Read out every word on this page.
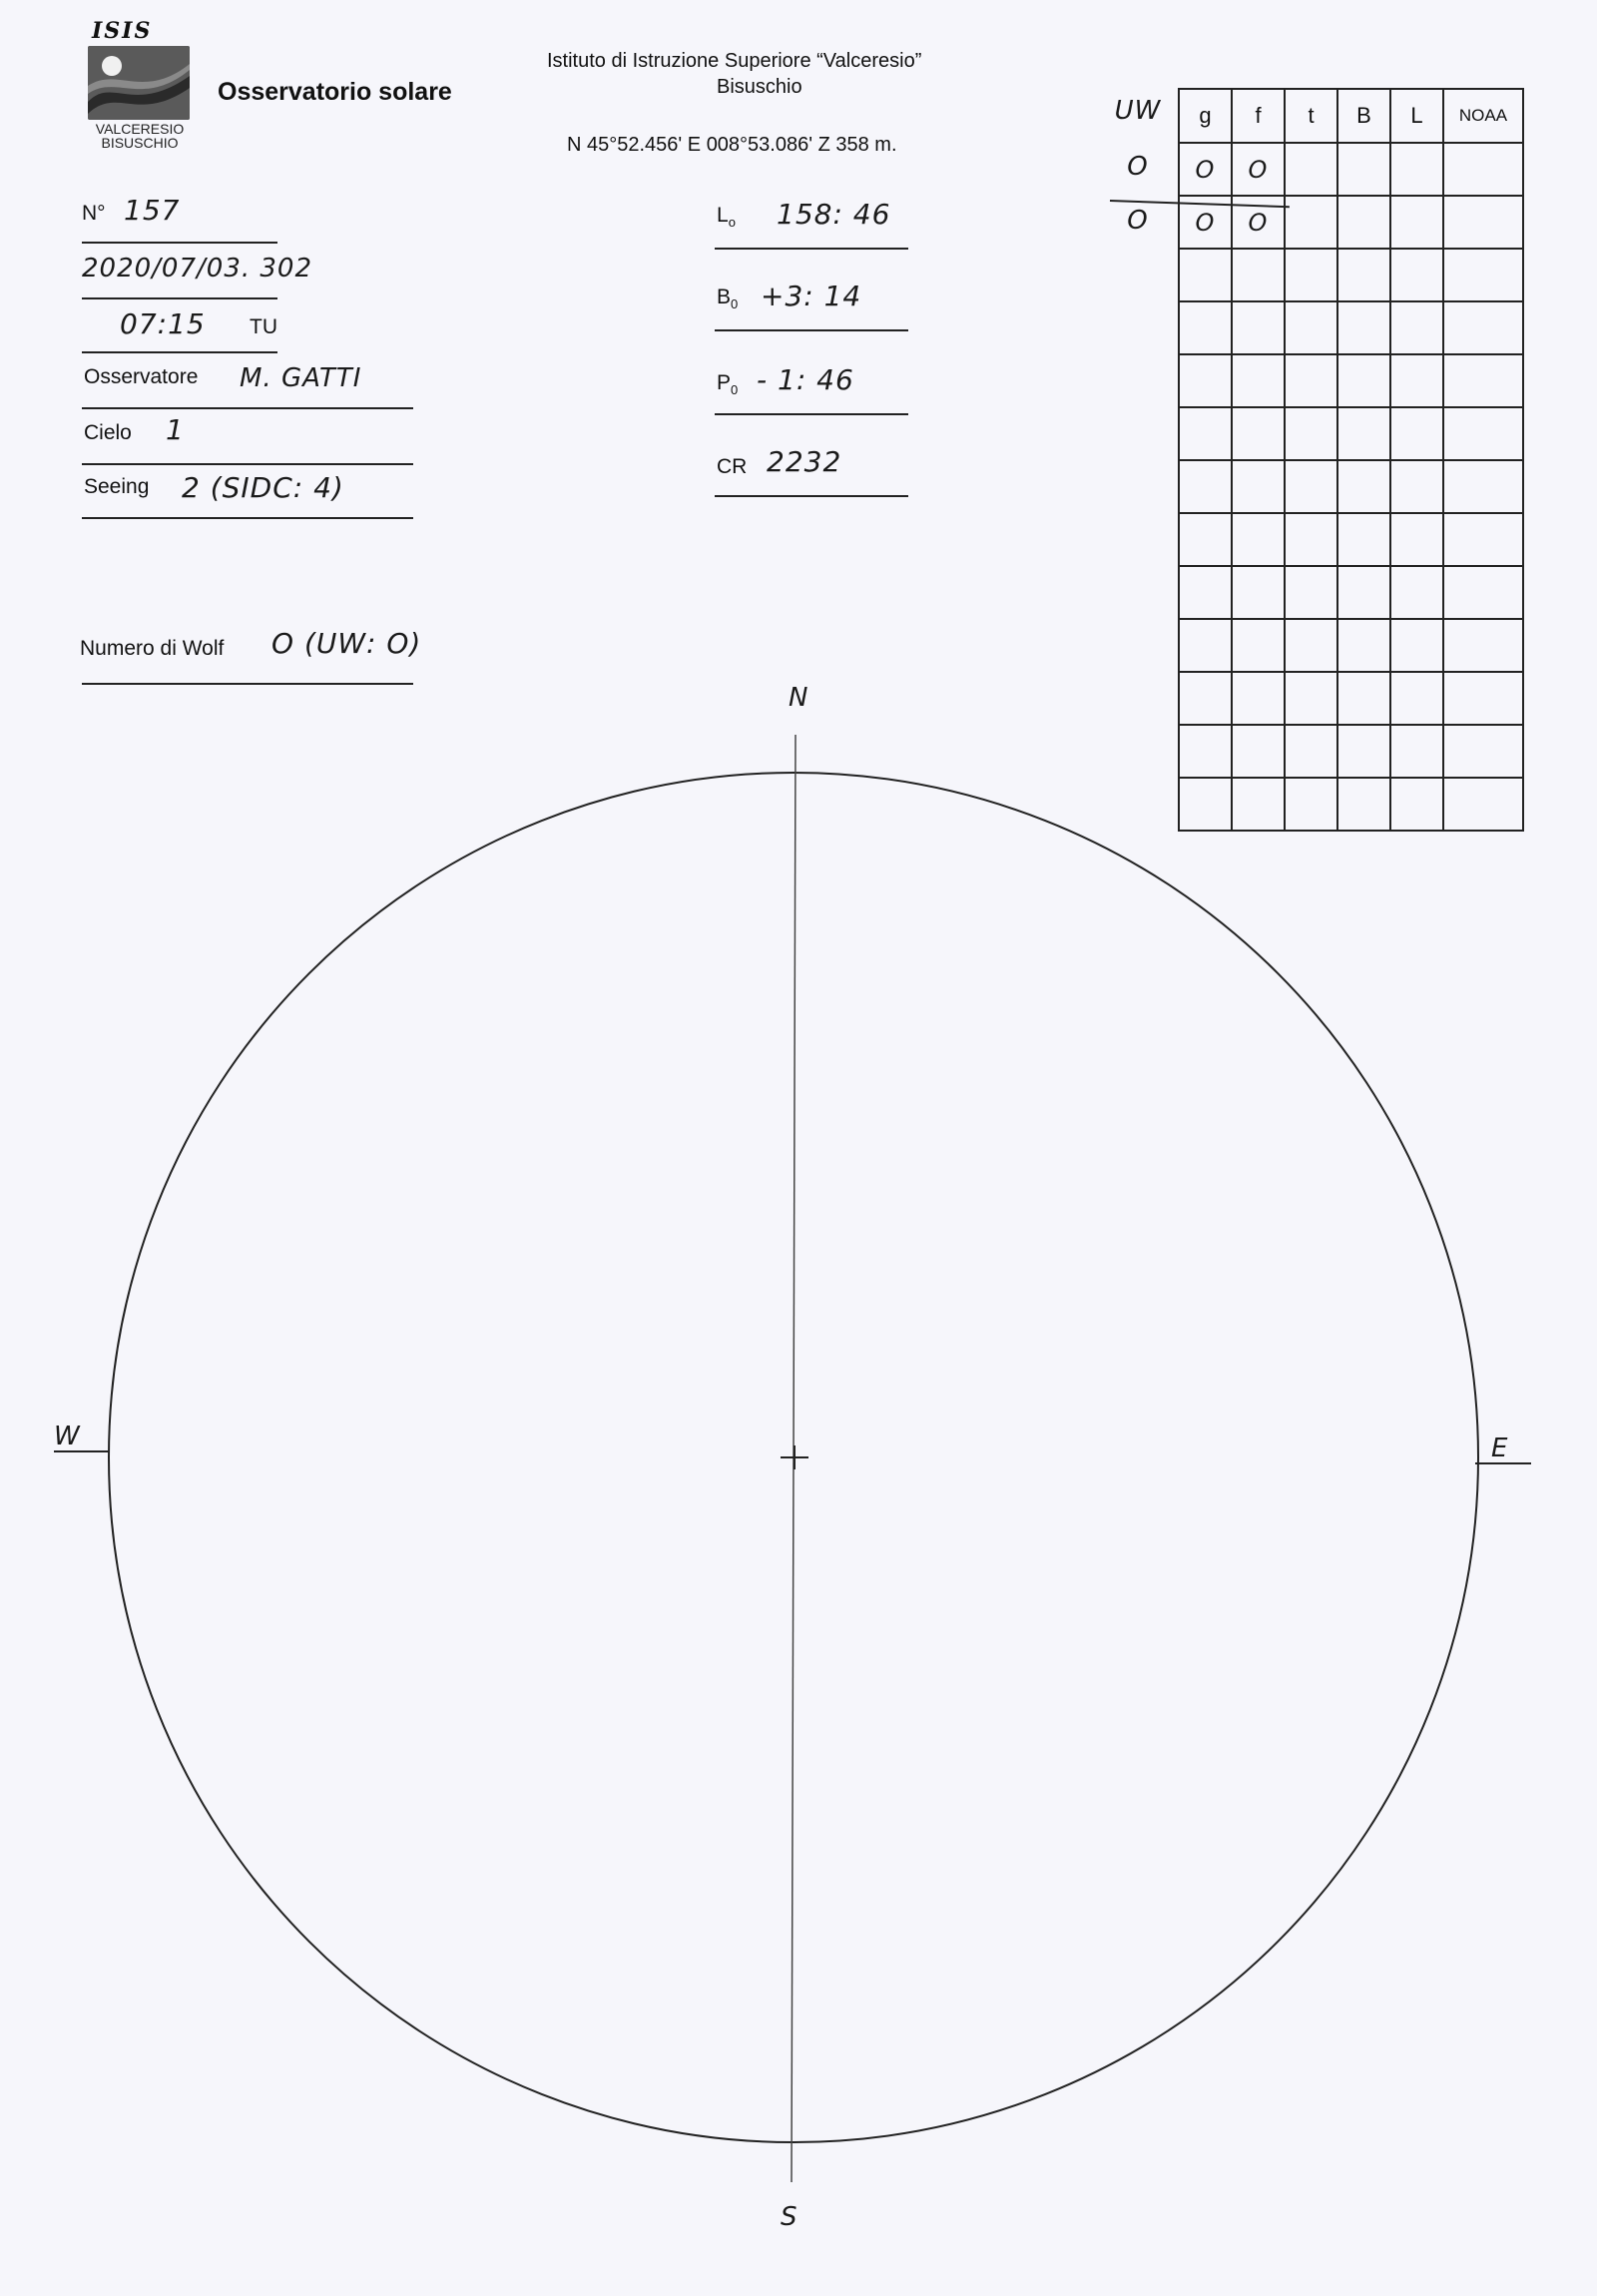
ISIS
VALCERESIO
BISUSCHIO
Osservatorio solare
Istituto di Istruzione Superiore “Valceresio”
Bisuschio
N 45°52.456' E 008°53.086' Z 358 m.
N° 157
2020/07/03. 302
07:15 TU
Osservatore M. GATTI
Cielo 1
Seeing 2 (SIDC: 4)
Numero di Wolf O (UW: O)
$L_o$ 158: 46
$B_0 +3$: 14
$P_0 - 1$: 46
CR 2232
UW
O
O
g	f	t	B	L	NOAA
O	O				
O	O				

N
S
W	E
